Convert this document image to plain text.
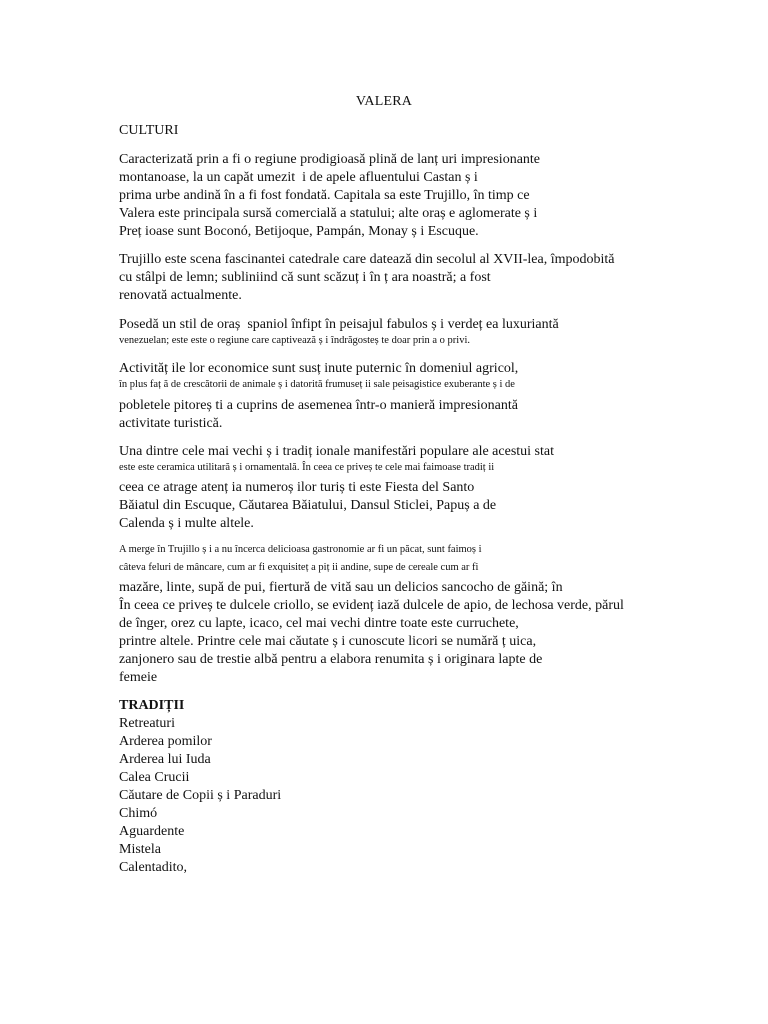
VALERA
CULTURI
Caracterizată prin a fi o regiune prodigioasă plină de lanț uri impresionante
montanoase, la un capăt umezit  i de apele afluentului Castan ș i
prima urbe andină în a fi fost fondată. Capitala sa este Trujillo, în timp ce
Valera este principala sursă comercială a statului; alte oraș e aglomerate ș i
Preț ioase sunt Boconó, Betijoque, Pampán, Monay ș i Escuque.
Trujillo este scena fascinantei catedrale care datează din secolul al XVII-lea, împodobită
cu stâlpi de lemn; subliniind că sunt scăzuț i în ț ara noastră; a fost
renovată actualmente.
Posedă un stil de oraș  spaniol înfipt în peisajul fabulos ș i verdeț ea luxuriantă
venezuelan; este este o regiune care captivează ș i îndrăgosteș te doar prin a o privi.
Activităț ile lor economice sunt susț inute puternic în domeniul agricol,
în plus faț ă de crescătorii de animale ș i datorită frumuseț ii sale peisagistice exuberante ș i de
pobletele pitoreș ti a cuprins de asemenea într-o manieră impresionantă
activitate turistică.
Una dintre cele mai vechi ș i tradiț ionale manifestări populare ale acestui stat
este este ceramica utilitară ș i ornamentală. În ceea ce priveș te cele mai faimoase tradiț ii
ceea ce atrage atenț ia numeroș ilor turiș ti este Fiesta del Santo
Băiatul din Escuque, Căutarea Băiatului, Dansul Sticlei, Papuș a de
Calenda ș i multe altele.
A merge în Trujillo ș i a nu încerca delicioasa gastronomie ar fi un păcat, sunt faimoș i
câteva feluri de mâncare, cum ar fi exquisiteț a piț ii andine, supe de cereale cum ar fi
mazăre, linte, supă de pui, fiertură de vită sau un delicios sancocho de găină; în
În ceea ce priveș te dulcele criollo, se evidenț iază dulcele de apio, de lechosa verde, părul
de înger, orez cu lapte, icaco, cel mai vechi dintre toate este curruchete,
printre altele. Printre cele mai căutate ș i cunoscute licori se numără ț uica,
zanjonero sau de trestie albă pentru a elabora renumita ș i originara lapte de
femeie
TRADIȚII
Retreaturi
Arderea pomilor
Arderea lui Iuda
Calea Crucii
Căutare de Copii ș i Paraduri
Chimó
Aguardente
Mistela
Calentadito,
